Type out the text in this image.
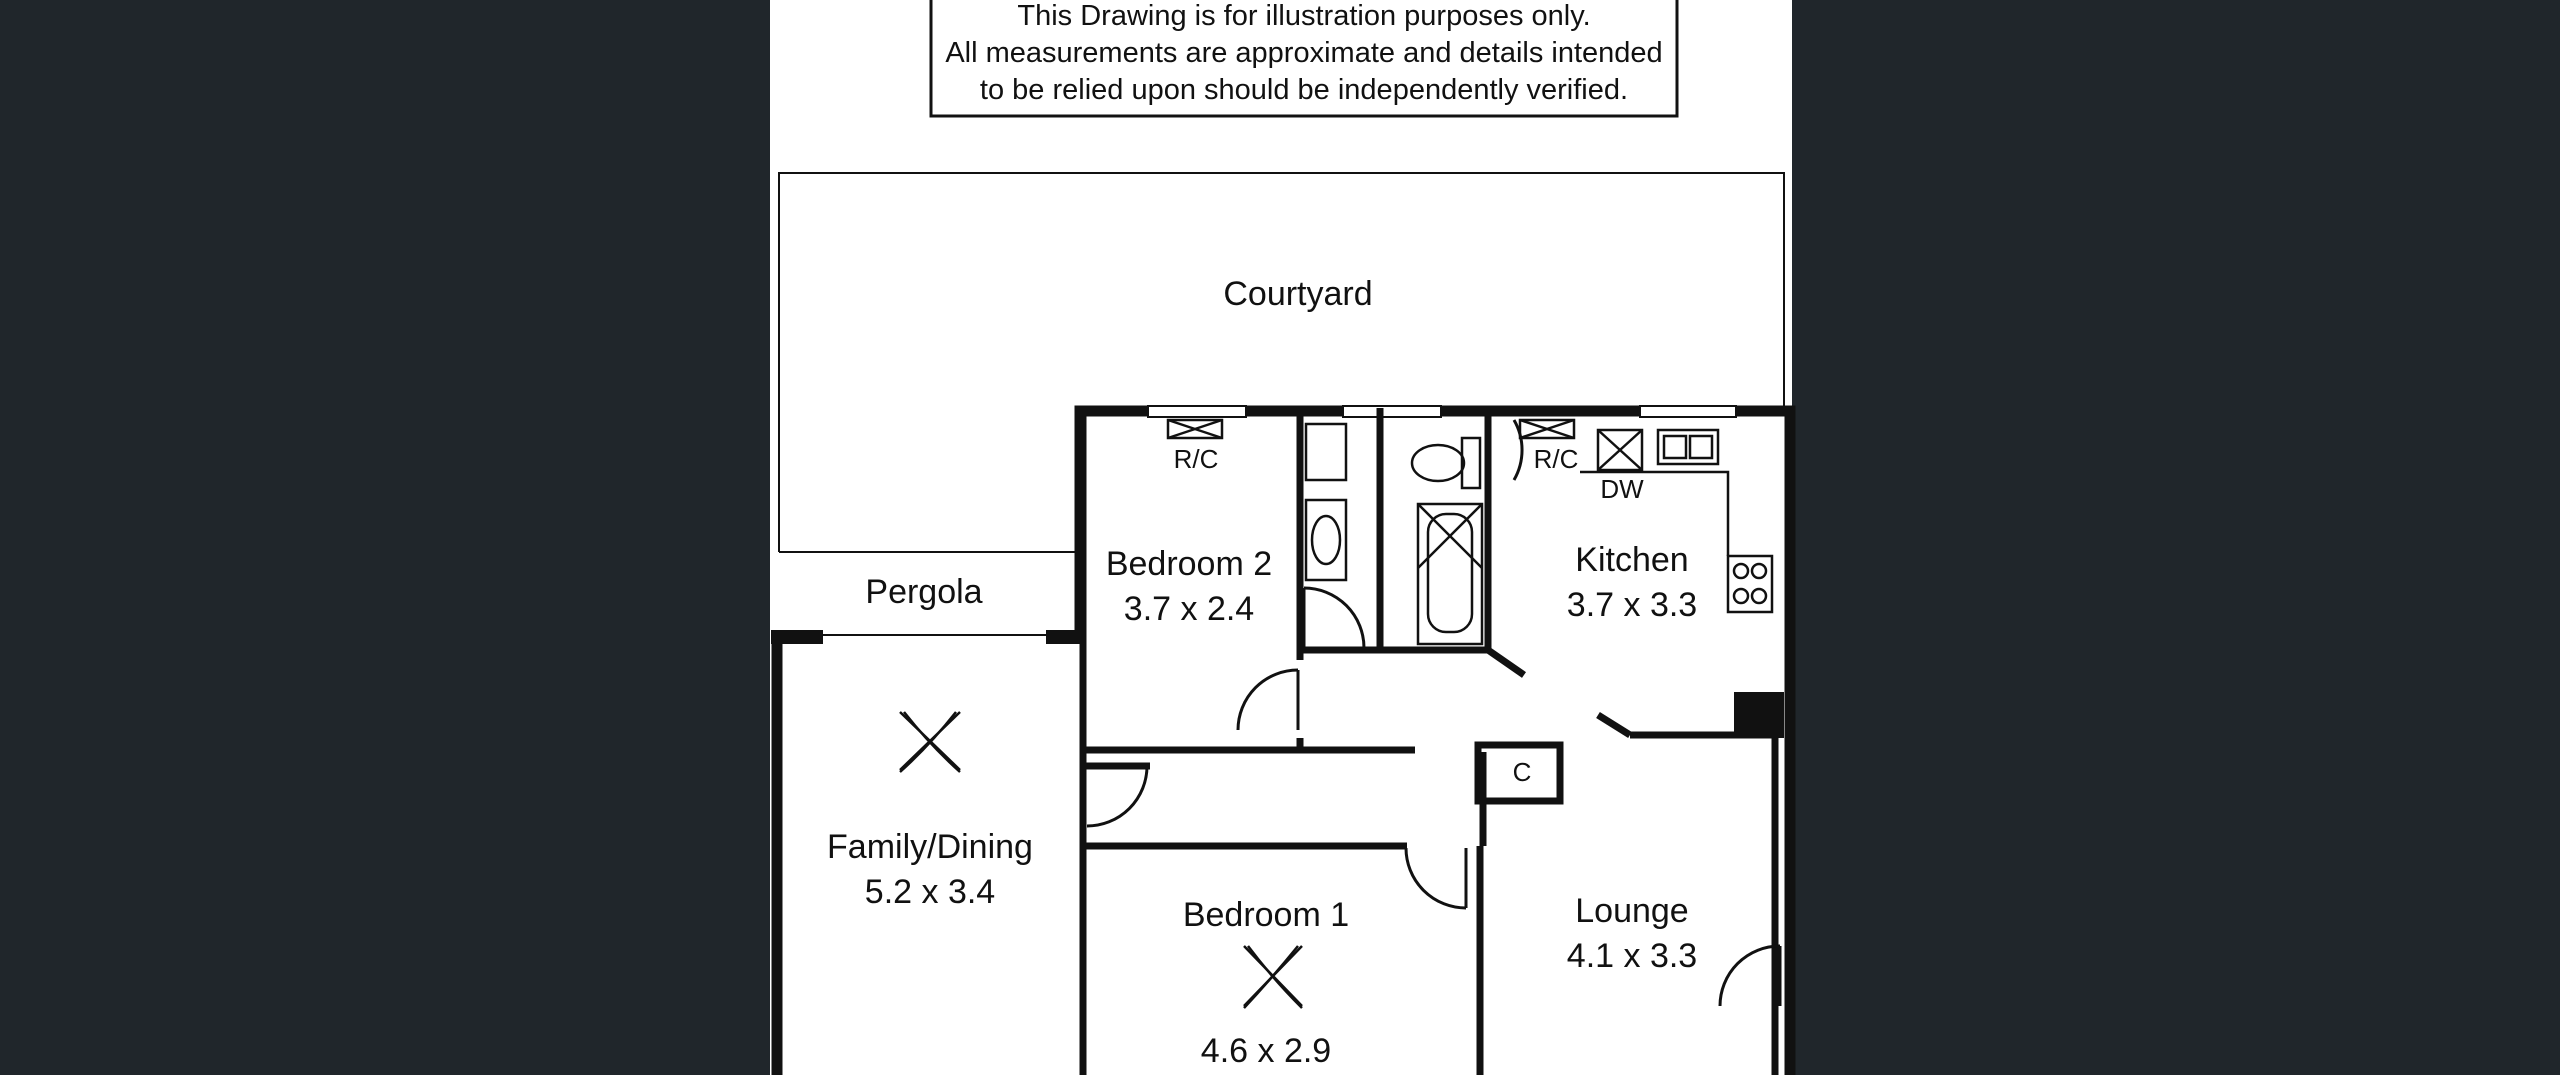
This Drawing is for illustration purposes only.
All measurements are approximate and details intended
to be relied upon should be independently verified.
Courtyard
Pergola
C
R/C	R/C
DW
Bedroom 2
3.7 x 2.4
Kitchen
3.7 x 3.3
Family/Dining
5.2 x 3.4
Bedroom 1
4.6 x 2.9
Lounge
4.1 x 3.3
